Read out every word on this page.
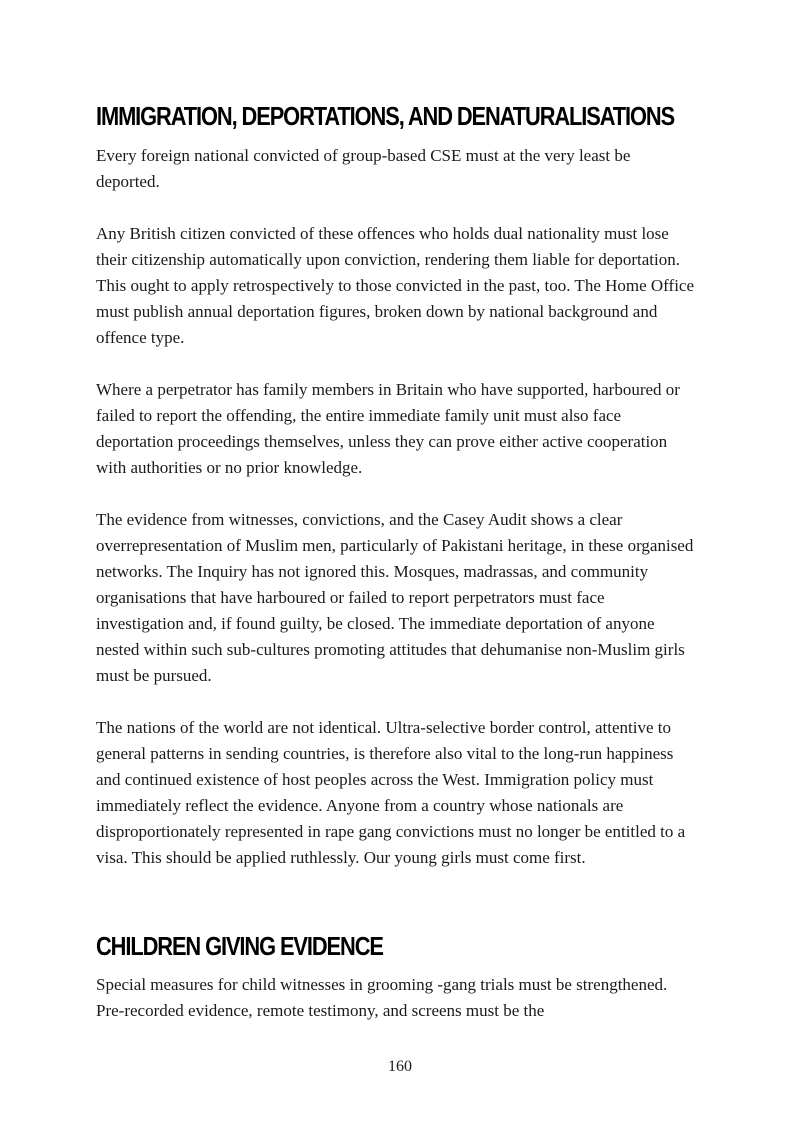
IMMIGRATION, DEPORTATIONS, AND DENATURALISATIONS

Every foreign national convicted of group-based CSE must at the very least be deported.

Any British citizen convicted of these offences who holds dual nationality must lose their citizenship automatically upon conviction, rendering them liable for deportation. This ought to apply retrospectively to those convicted in the past, too. The Home Office must publish annual deportation figures, broken down by national background and offence type.

Where a perpetrator has family members in Britain who have supported, harboured or failed to report the offending, the entire immediate family unit must also face deportation proceedings themselves, unless they can prove either active cooperation with authorities or no prior knowledge.

The evidence from witnesses, convictions, and the Casey Audit shows a clear overrepresentation of Muslim men, particularly of Pakistani heritage, in these organised networks. The Inquiry has not ignored this. Mosques, madrassas, and community organisations that have harboured or failed to report perpetrators must face investigation and, if found guilty, be closed. The immediate deportation of anyone nested within such sub-cultures promoting attitudes that dehumanise non-Muslim girls must be pursued.

The nations of the world are not identical. Ultra-selective border control, attentive to general patterns in sending countries, is therefore also vital to the long-run happiness and continued existence of host peoples across the West. Immigration policy must immediately reflect the evidence. Anyone from a country whose nationals are disproportionately represented in rape gang convictions must no longer be entitled to a visa. This should be applied ruthlessly. Our young girls must come first.

CHILDREN GIVING EVIDENCE

Special measures for child witnesses in grooming -gang trials must be strengthened. Pre-recorded evidence, remote testimony, and screens must be the

160
